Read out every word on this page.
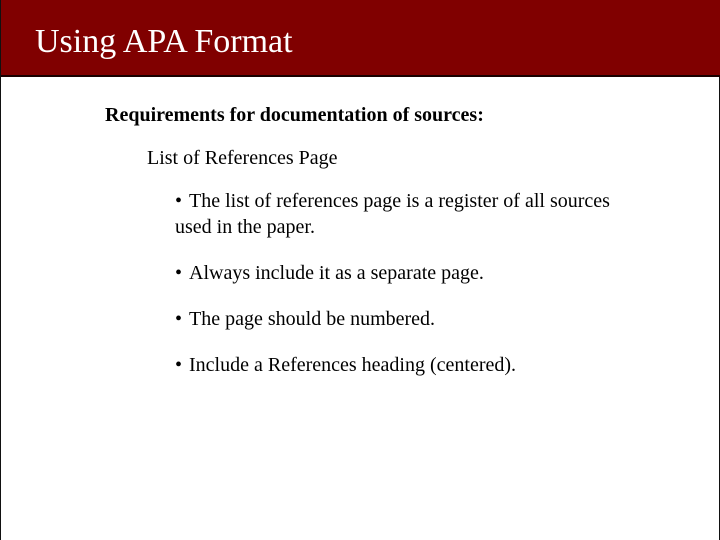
Using APA Format
Requirements for documentation of sources:
List of References Page
• The list of references page is a register of all sources used in the paper.
• Always include it as a separate page.
• The page should be numbered.
• Include a References heading (centered).
